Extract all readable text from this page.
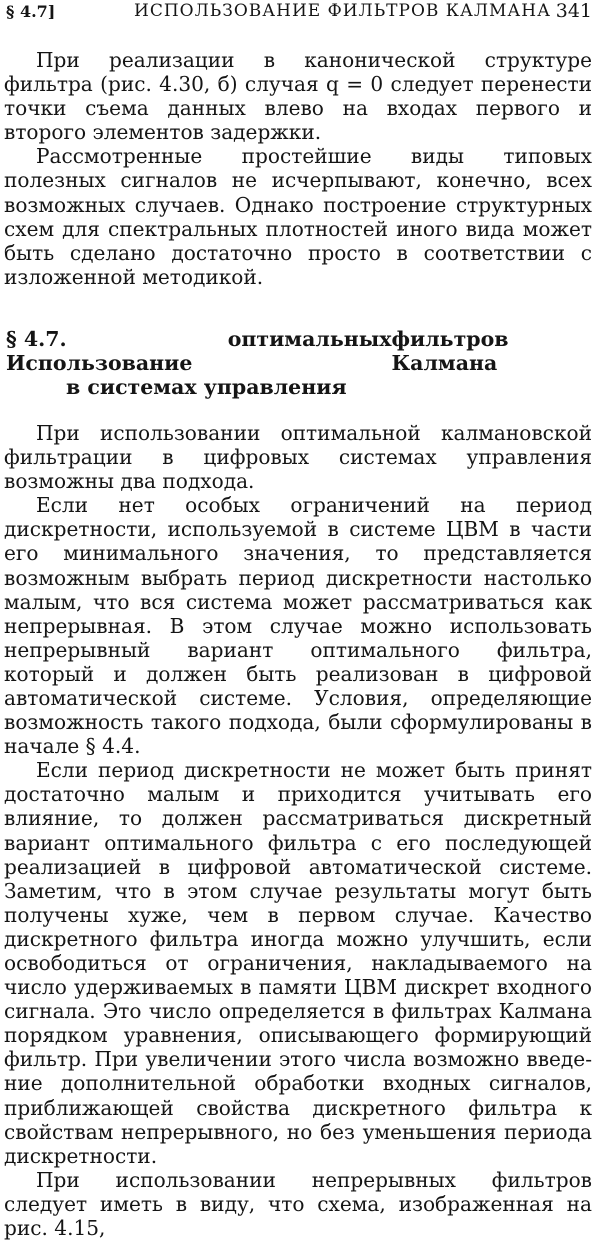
§ 4.7]	ИСПОЛЬЗОВАНИЕ ФИЛЬТРОВ КАЛМАНА 341

При реализации в канонической структуре фильтра (рис. 4.30, б) случая q = 0 следует перенести точки съема данных влево на входах первого и второго элементов задержки.

Рассмотренные простейшие виды типовых полезных сигналов не исчерпывают, конечно, всех возможных случаев. Однако построение структурных схем для спектральных плотностей иного вида может быть сделано достаточно просто в соответствии с изложенной методикой.

§ 4.7. Использование
оптимальных фильтров Калмана
в системах управления

При использовании оптимальной калмановской фильтрации в цифровых системах управления возможны два подхода.

Если нет особых ограничений на период дискретности, используемой в системе ЦВМ в части его минимального значения, то представляется возможным выбрать период дискретности настолько малым, что вся система может рассматриваться как непрерывная. В этом случае можно использовать непрерывный вариант оптимального фильтра, который и должен быть реализован в цифровой автоматической системе. Условия, определяющие возможность такого подхода, были сформулированы в начале § 4.4.

Если период дискретности не может быть принят достаточно малым и приходится учитывать его влияние, то должен рассматриваться дискретный вариант оптимального фильтра с его последующей реализацией в цифровой автоматической системе. Заметим, что в этом случае результаты могут быть получены хуже, чем в первом случае. Качество дискретного фильтра иногда можно улучшить, если освободиться от ограничения, накладываемого на число удерживаемых в памяти ЦВМ дискрет входного сигнала. Это число определяется в фильтрах Калмана порядком уравнения, описывающего формирующий фильтр. При увеличении этого числа возможно введение дополнительной обработки входных сигналов, приближающей свойства дискретного фильтра к свойствам непрерывного, но без уменьшения периода дискретности.

При использовании непрерывных фильтров следует иметь в виду, что схема, изображенная на рис. 4.15,
